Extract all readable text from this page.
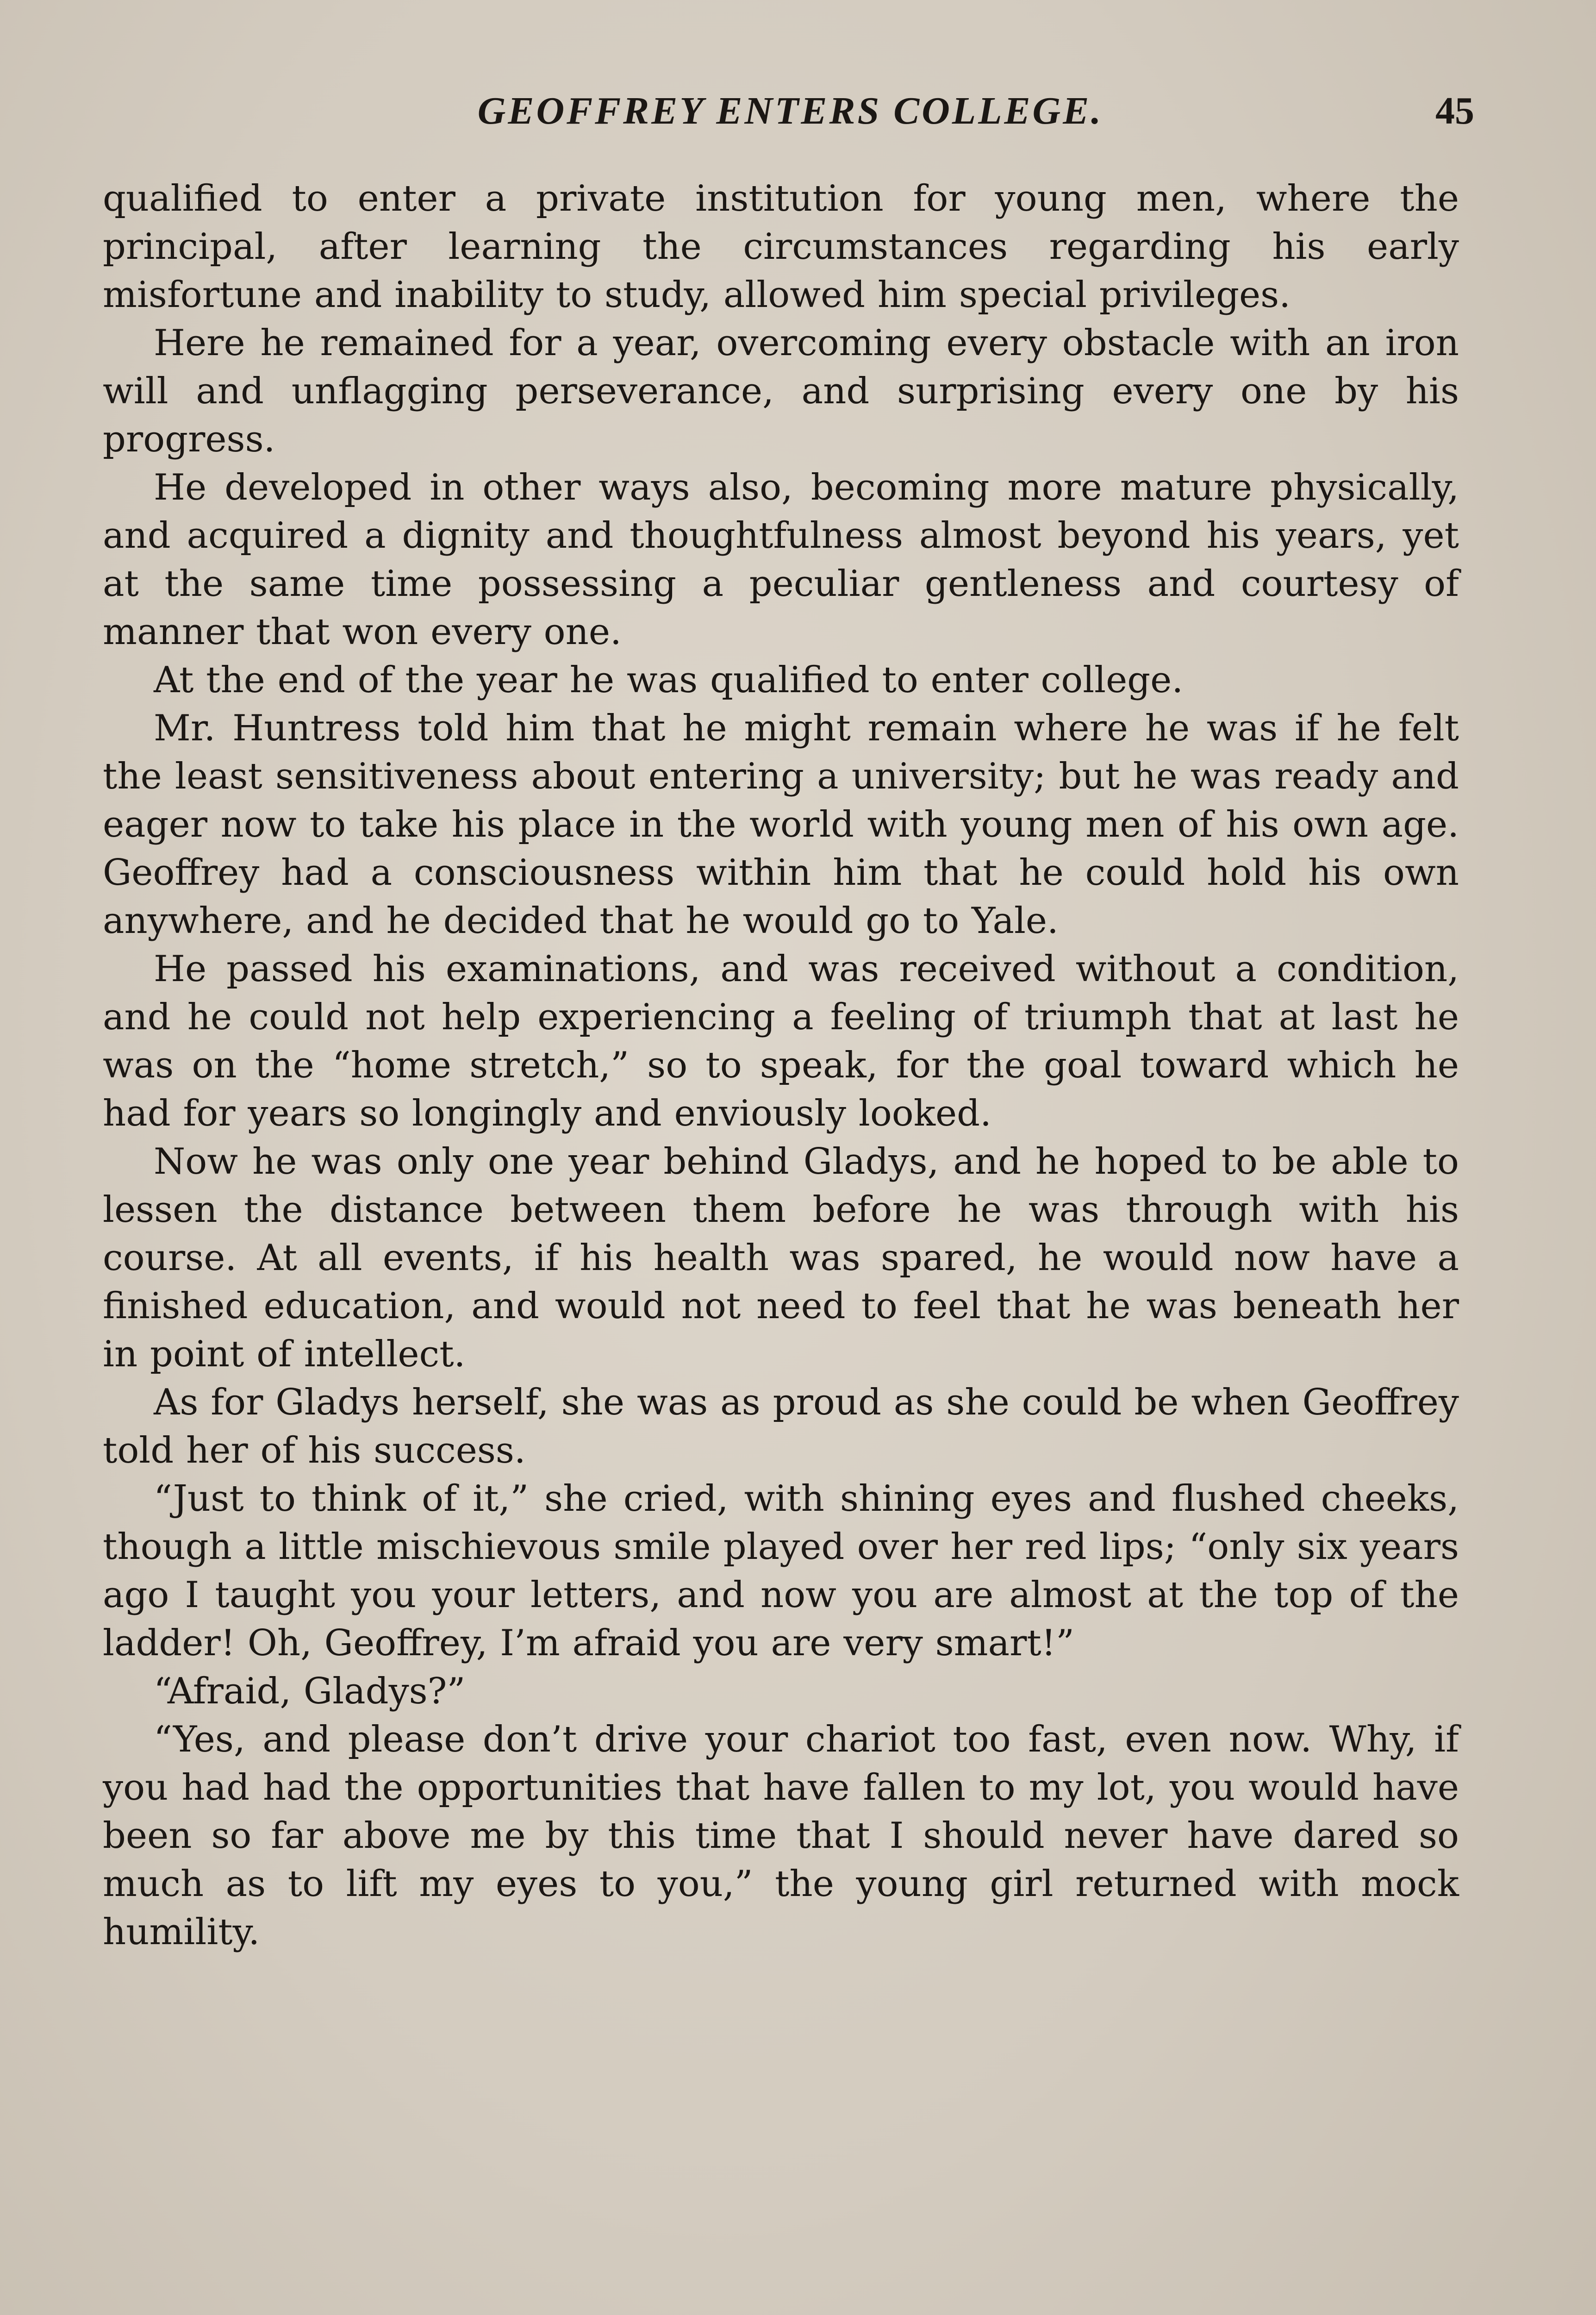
GEOFFREY ENTERS COLLEGE.	45

qualified to enter a private institution for young men, where the principal, after learning the circumstances regarding his early misfortune and inability to study, allowed him special privileges.

Here he remained for a year, overcoming every obstacle with an iron will and unflagging perseverance, and surprising every one by his progress.

He developed in other ways also, becoming more mature physically, and acquired a dignity and thoughtfulness almost beyond his years, yet at the same time possessing a peculiar gentleness and courtesy of manner that won every one.

At the end of the year he was qualified to enter college.

Mr. Huntress told him that he might remain where he was if he felt the least sensitiveness about entering a university; but he was ready and eager now to take his place in the world with young men of his own age. Geoffrey had a consciousness within him that he could hold his own anywhere, and he decided that he would go to Yale.

He passed his examinations, and was received without a condition, and he could not help experiencing a feeling of triumph that at last he was on the “home stretch,” so to speak, for the goal toward which he had for years so longingly and enviously looked.

Now he was only one year behind Gladys, and he hoped to be able to lessen the distance between them before he was through with his course. At all events, if his health was spared, he would now have a finished education, and would not need to feel that he was beneath her in point of intellect.

As for Gladys herself, she was as proud as she could be when Geoffrey told her of his success.

“Just to think of it,” she cried, with shining eyes and flushed cheeks, though a little mischievous smile played over her red lips; “only six years ago I taught you your letters, and now you are almost at the top of the ladder! Oh, Geoffrey, I’m afraid you are very smart!”

“Afraid, Gladys?”

“Yes, and please don’t drive your chariot too fast, even now. Why, if you had had the opportunities that have fallen to my lot, you would have been so far above me by this time that I should never have dared so much as to lift my eyes to you,” the young girl returned with mock humility.
